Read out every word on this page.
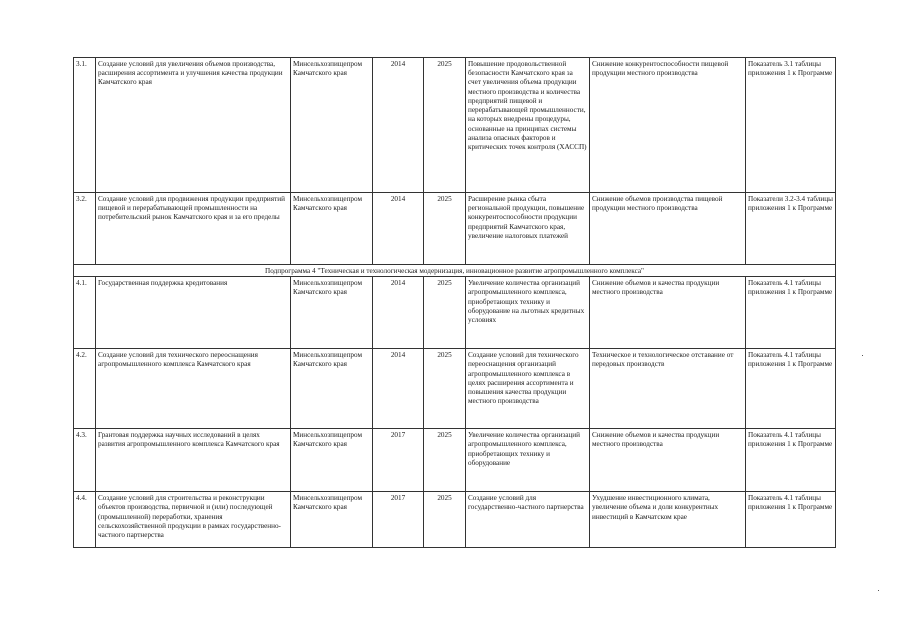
3.1.	Создание условий для увеличения объемов производства, расширения ассортимента и улучшения качества продукции Камчатского края	Минсельхозпищепром Камчатского края	2014	2025	Повышение продовольственной безопасности Камчатского края за счет увеличения объема продукции местного производства и количества предприятий пищевой и перерабатывающей промышленности, на которых внедрены процедуры, основанные на принципах системы анализа опасных факторов и критических точек контроля (ХАССП)	Снижение конкурентоспособности пищевой продукции местного производства	Показатель 3.1 таблицы приложения 1 к Программе
3.2.	Создание условий для продвижения продукции предприятий пищевой и перерабатывающей промышленности на потребительский рынок Камчатского края и за его пределы	Минсельхозпищепром Камчатского края	2014	2025	Расширение рынка сбыта региональной продукции, повышение конкурентоспособности продукции предприятий Камчатского края, увеличение налоговых платежей	Снижение объемов производства пищевой продукции местного производства	Показатели 3.2-3.4 таблицы приложения 1 к Программе
Подпрограмма 4 "Техническая и технологическая модернизация, инновационное развитие агропромышленного комплекса"							
4.1.	Государственная поддержка кредитования	Минсельхозпищепром Камчатского края	2014	2025	Увеличение количества организаций агропромышленного комплекса, приобретающих технику и оборудование на льготных кредитных условиях	Снижение объемов и качества продукции местного производства	Показатель 4.1 таблицы приложения 1 к Программе
4.2.	Создание условий для технического переоснащения агропромышленного комплекса Камчатского края	Минсельхозпищепром Камчатского края	2014	2025	Создание условий для технического переоснащения организаций агропромышленного комплекса в целях расширения ассортимента и повышения качества продукции местного производства	Техническое и технологическое отставание от передовых производств	Показатель 4.1 таблицы приложения 1 к Программе
4.3.	Грантовая поддержка научных исследований в целях развития агропромышленного комплекса Камчатского края	Минсельхозпищепром Камчатского края	2017	2025	Увеличение количества организаций агропромышленного комплекса, приобретающих технику и оборудование	Снижение объемов и качества продукции местного производства	Показатель 4.1 таблицы приложения 1 к Программе
4.4.	Создание условий для строительства и реконструкции объектов производства, первичной и (или) последующей (промышленной) переработки, хранения сельскохозяйственной продукции в рамках государственно-частного партнерства	Минсельхозпищепром Камчатского края	2017	2025	Создание условий для государственно-частного партнерства	Ухудшение инвестиционного климата, увеличение объема и доли конкурентных инвестиций в Камчатском крае	Показатель 4.1 таблицы приложения 1 к Программе
